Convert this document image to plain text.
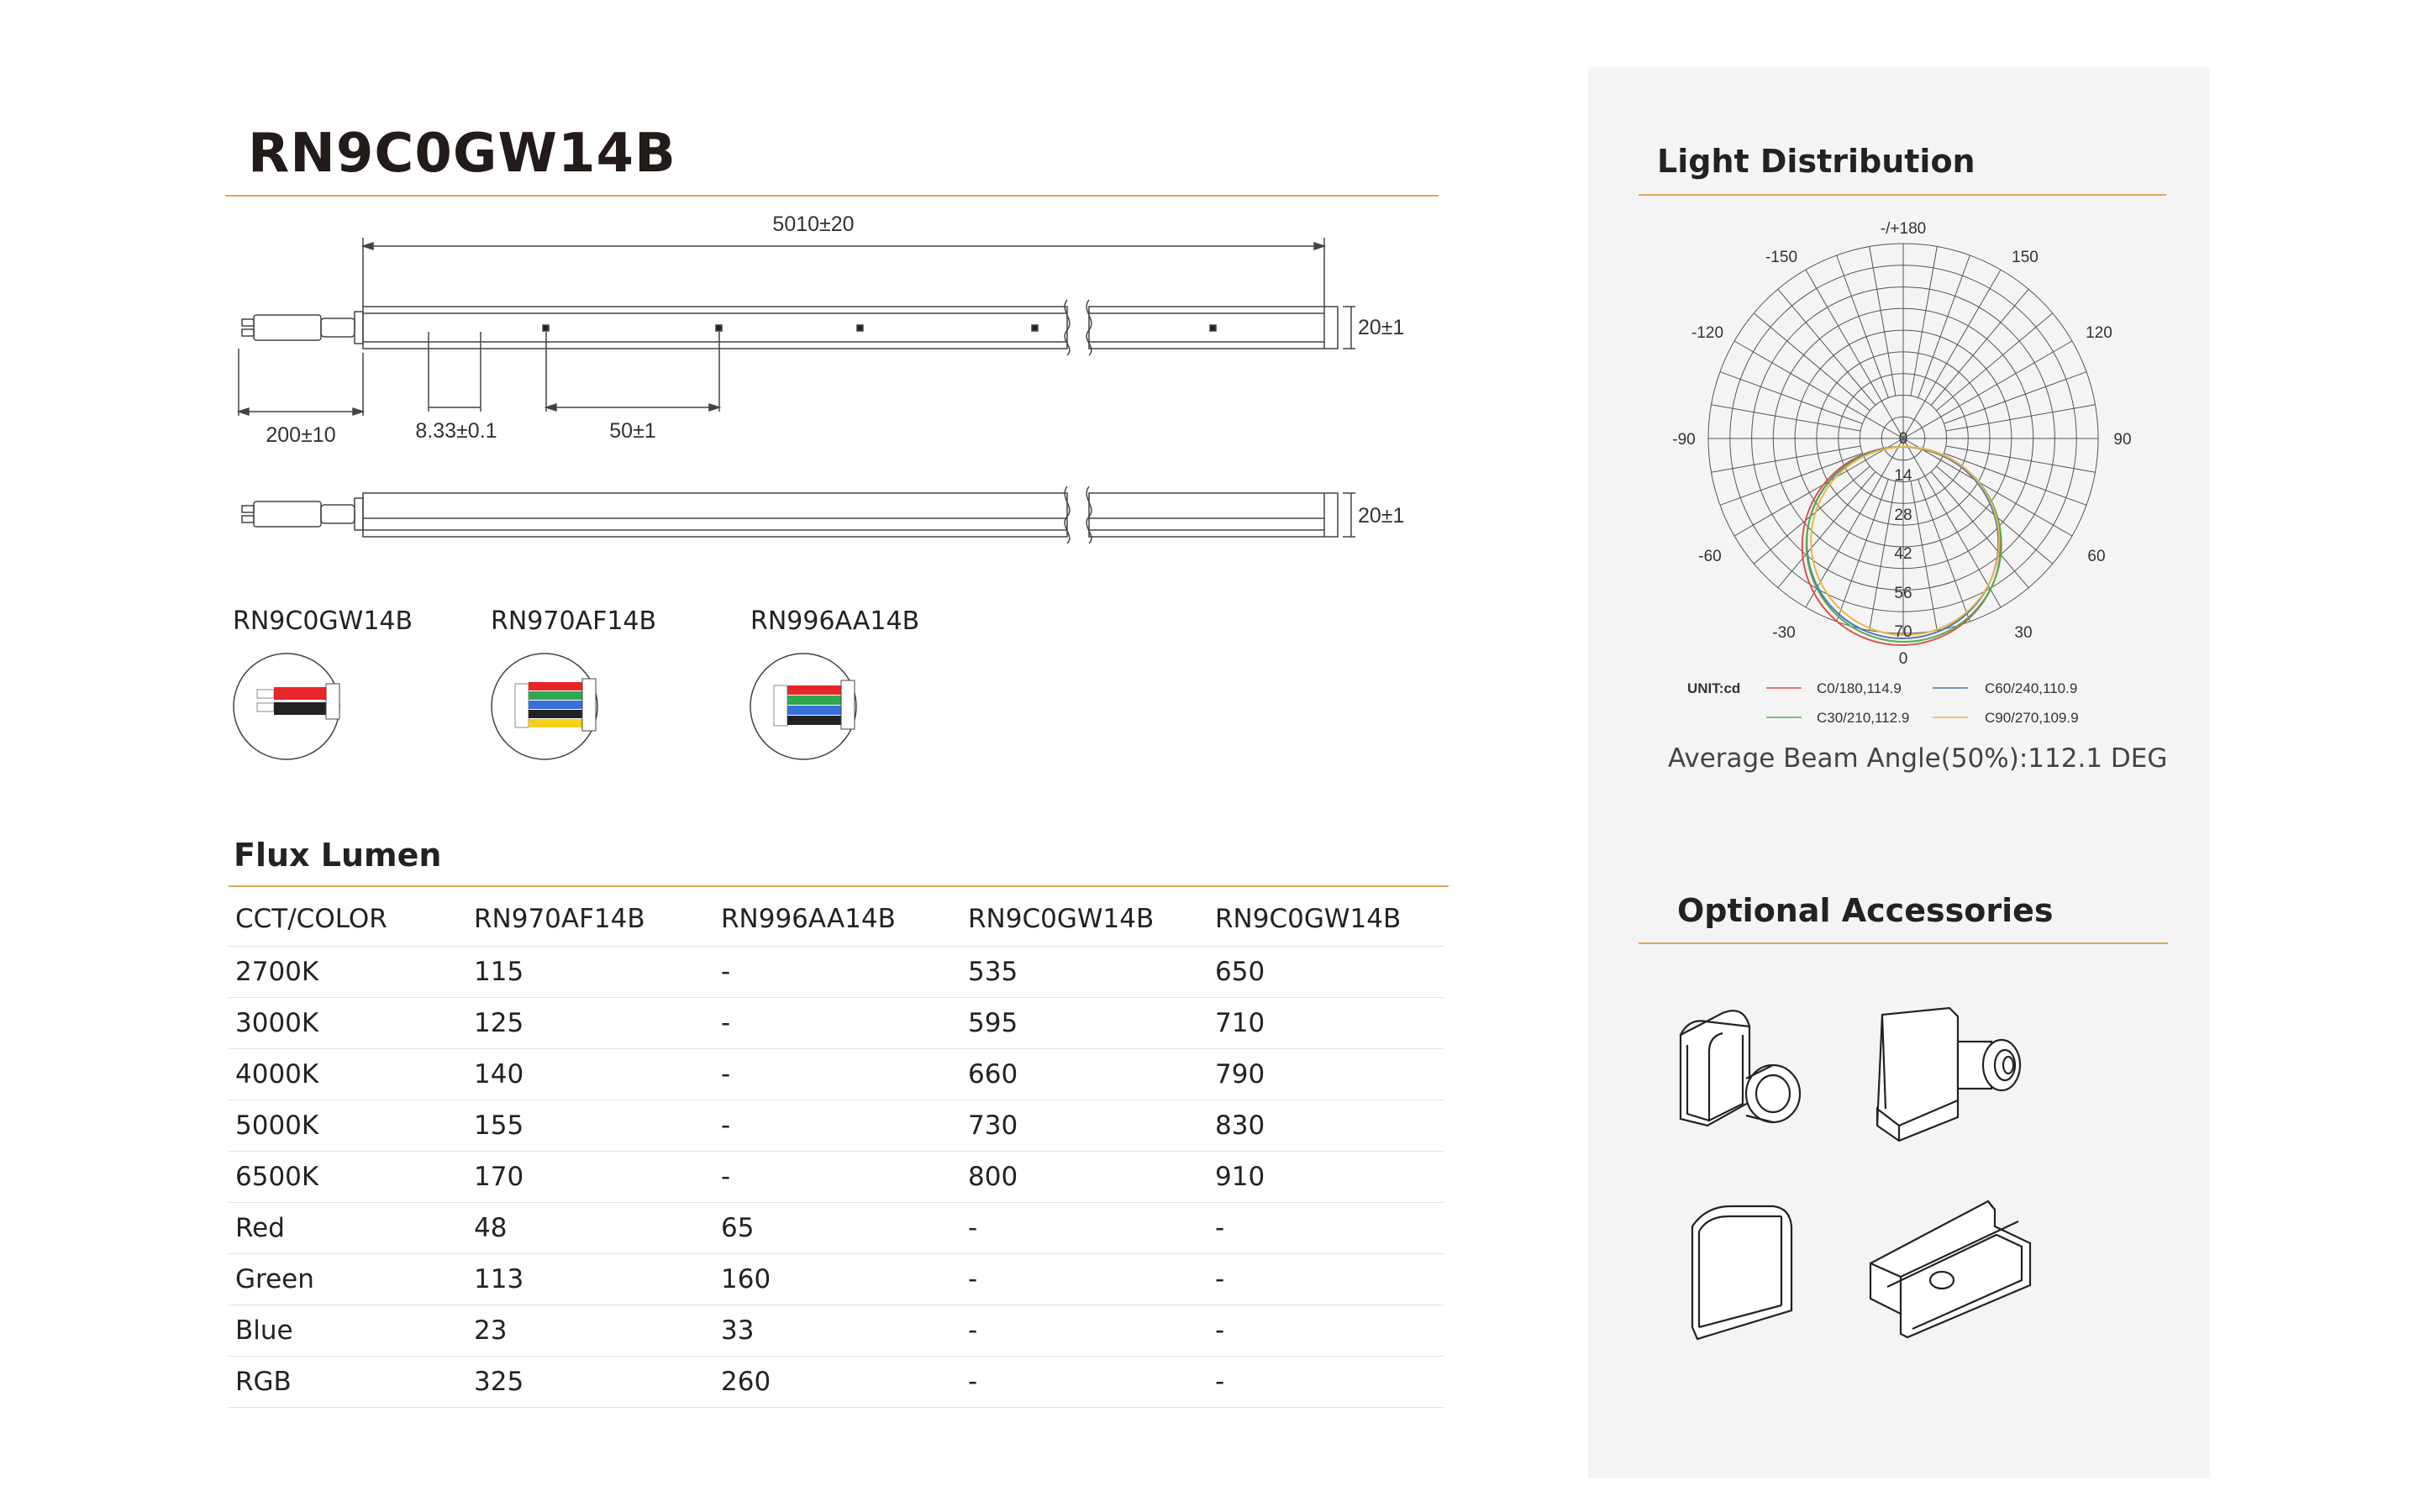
RN9C0GW14B
5010±20
20±1
200±10	8.33±0.1	50±1
20±1
RN9C0GW14B	RN970AF14B	RN996AA14B
Flux Lumen
CCT/COLOR	RN970AF14B	RN996AA14B	RN9C0GW14B	RN9C0GW14B
2700K	115	-	535	650
3000K	125	-	595	710
4000K	140	-	660	790
5000K	155	-	730	830
6500K	170	-	800	910
Red	48	65	-	-
Green	113	160	-	-
Blue	23	33	-	-
RGB	325	260	-	-
Light Distribution
-/+180
-150	150
-120	120
-90	90
-60	60
-30	30
0
0
14
28
42
56
70
UNIT:cd	C0/180,114.9	C60/240,110.9
C30/210,112.9	C90/270,109.9
Average Beam Angle(50%):112.1 DEG
Optional Accessories
